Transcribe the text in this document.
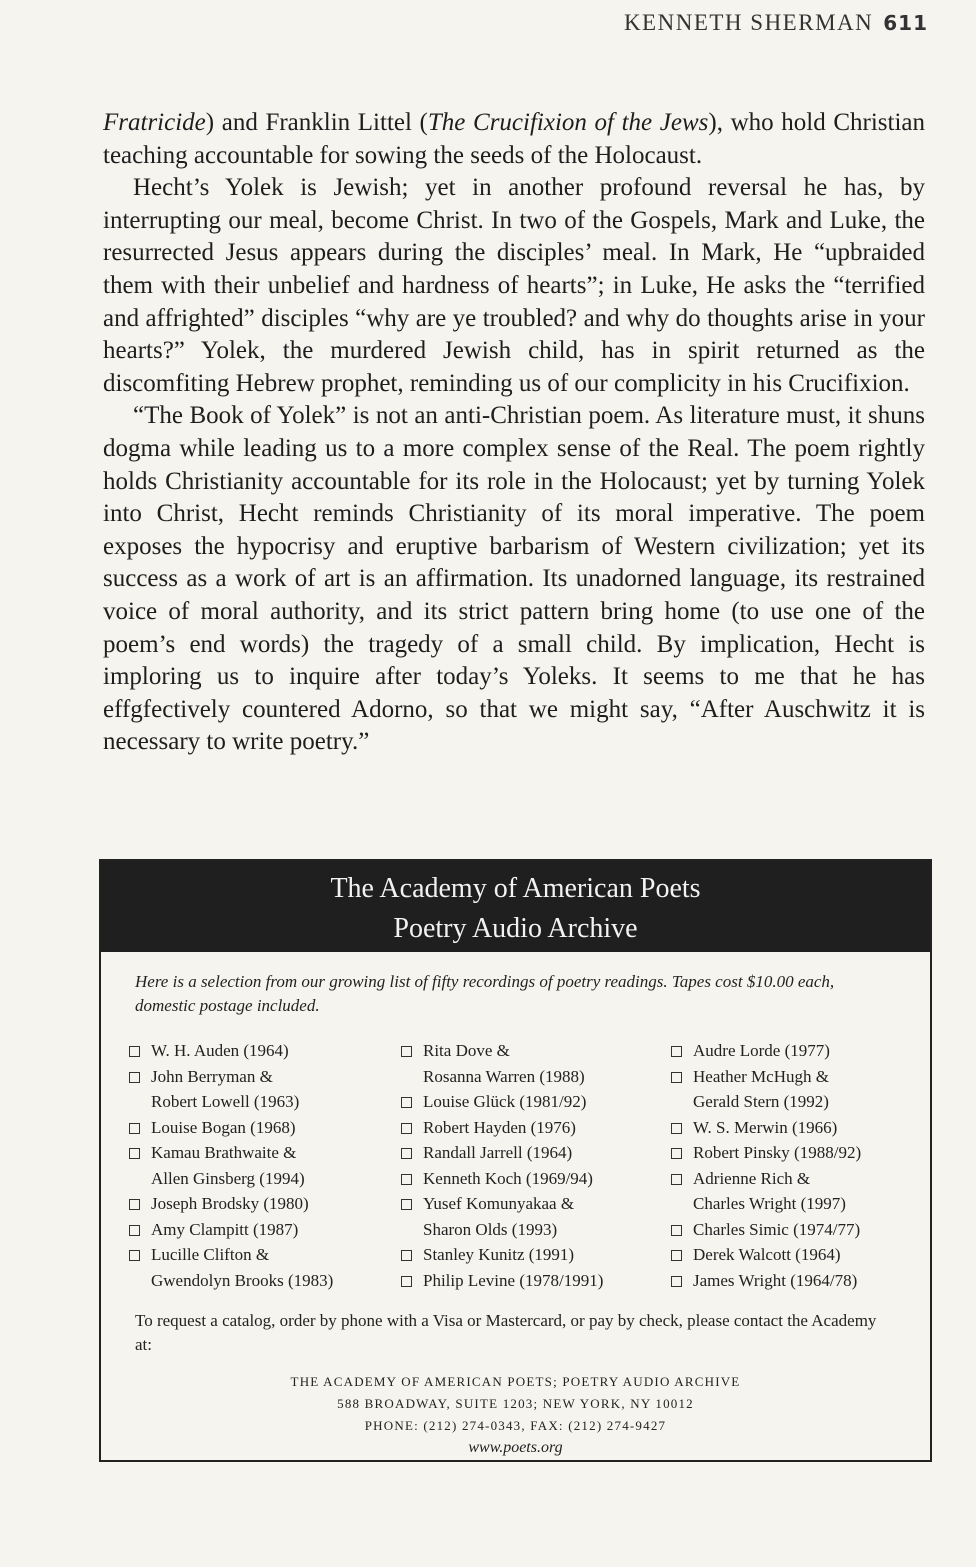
KENNETH SHERMAN 611

Fratricide) and Franklin Littel (The Crucifixion of the Jews), who hold Christian teaching accountable for sowing the seeds of the Holocaust.

Hecht’s Yolek is Jewish; yet in another profound reversal he has, by interrupting our meal, become Christ. In two of the Gospels, Mark and Luke, the resurrected Jesus appears during the disciples’ meal. In Mark, He “upbraided them with their unbelief and hardness of hearts”; in Luke, He asks the “terrified and affrighted” disciples “why are ye troubled? and why do thoughts arise in your hearts?” Yolek, the murdered Jewish child, has in spirit returned as the discomfiting Hebrew prophet, reminding us of our complicity in his Crucifixion.

“The Book of Yolek” is not an anti-Christian poem. As literature must, it shuns dogma while leading us to a more complex sense of the Real. The poem rightly holds Christianity accountable for its role in the Holocaust; yet by turning Yolek into Christ, Hecht reminds Christianity of its moral imperative. The poem exposes the hypocrisy and eruptive barbarism of Western civilization; yet its success as a work of art is an affirmation. Its unadorned language, its restrained voice of moral authority, and its strict pattern bring home (to use one of the poem’s end words) the tragedy of a small child. By implication, Hecht is imploring us to inquire after today’s Yoleks. It seems to me that he has effgfectively countered Adorno, so that we might say, “After Auschwitz it is necessary to write poetry.”

The Academy of American Poets
Poetry Audio Archive
Here is a selection from our growing list of fifty recordings of poetry readings. Tapes cost $10.00 each, domestic postage included.
W. H. Auden (1964)
John Berryman &
Robert Lowell (1963)
Louise Bogan (1968)
Kamau Brathwaite &
Allen Ginsberg (1994)
Joseph Brodsky (1980)
Amy Clampitt (1987)
Lucille Clifton &
Gwendolyn Brooks (1983)
Rita Dove &
Rosanna Warren (1988)
Louise Glück (1981/92)
Robert Hayden (1976)
Randall Jarrell (1964)
Kenneth Koch (1969/94)
Yusef Komunyakaa &
Sharon Olds (1993)
Stanley Kunitz (1991)
Philip Levine (1978/1991)
Audre Lorde (1977)
Heather McHugh &
Gerald Stern (1992)
W. S. Merwin (1966)
Robert Pinsky (1988/92)
Adrienne Rich &
Charles Wright (1997)
Charles Simic (1974/77)
Derek Walcott (1964)
James Wright (1964/78)
To request a catalog, order by phone with a Visa or Mastercard, or pay by check, please contact the Academy at:
THE ACADEMY OF AMERICAN POETS; POETRY AUDIO ARCHIVE
588 BROADWAY, SUITE 1203; NEW YORK, NY 10012
PHONE: (212) 274-0343, FAX: (212) 274-9427
www.poets.org
